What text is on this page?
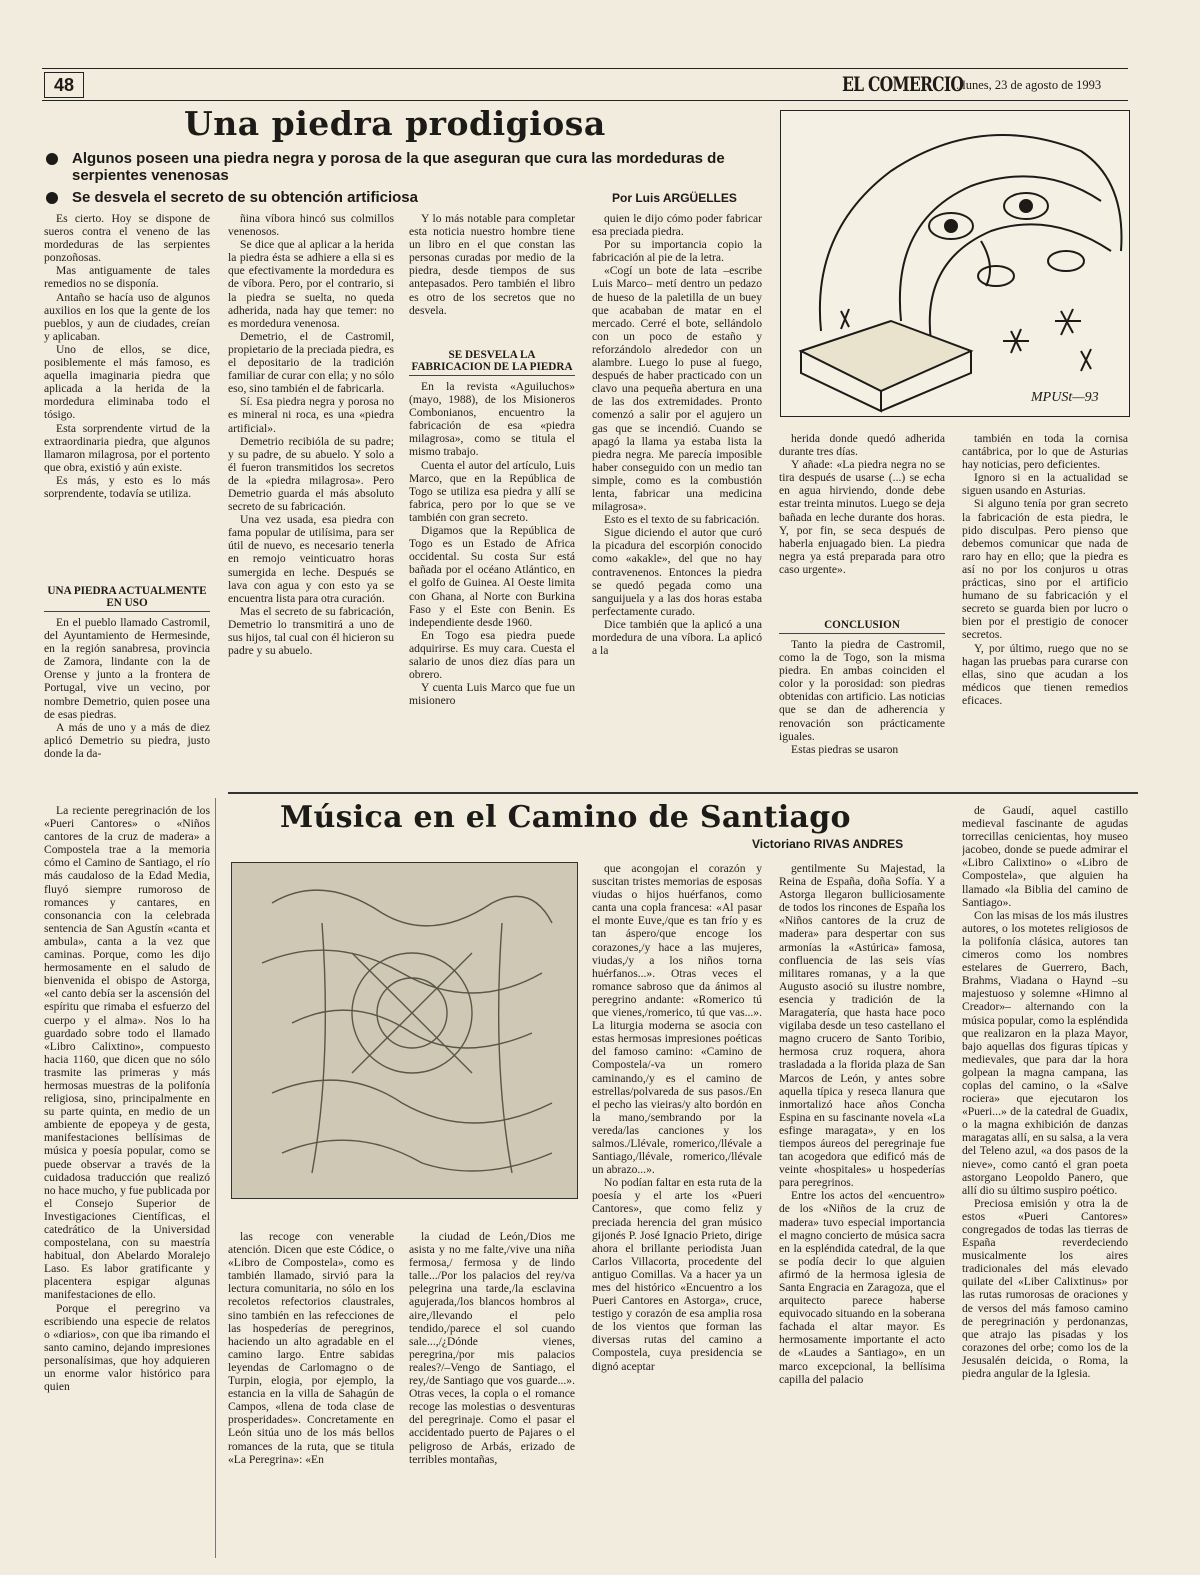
48	EL COMERCIO
. lunes, 23 de agosto de 1993
Una piedra prodigiosa
Algunos poseen una piedra negra y porosa de la que aseguran que cura las mordeduras de serpientes venenosas
Se desvela el secreto de su obtención artificiosa	Por Luis ARGÜELLES
MPUSt—93

Es cierto. Hoy se dispone de sueros contra el veneno de las mordeduras de las serpientes ponzoñosas.

Mas antiguamente de tales remedios no se disponía.

Antaño se hacía uso de algunos auxilios en los que la gente de los pueblos, y aun de ciudades, creían y aplicaban.

Uno de ellos, se dice, posiblemente el más famoso, es aquella imaginaria piedra que aplicada a la herida de la mordedura eliminaba todo el tósigo.

Esta sorprendente virtud de la extraordinaria piedra, que algunos llamaron milagrosa, por el portento que obra, existió y aún existe.

Es más, y esto es lo más sorprendente, todavía se utiliza.

UNA PIEDRA ACTUALMENTE EN USO

En el pueblo llamado Castromil, del Ayuntamiento de Hermesinde, en la región sanabresa, provincia de Zamora, lindante con la de Orense y junto a la frontera de Portugal, vive un vecino, por nombre Demetrio, quien posee una de esas piedras.

A más de uno y a más de diez aplicó Demetrio su piedra, justo donde la da-

ñina víbora hincó sus colmillos venenosos.

Se dice que al aplicar a la herida la piedra ésta se adhiere a ella si es que efectivamente la mordedura es de víbora. Pero, por el contrario, si la piedra se suelta, no queda adherida, nada hay que temer: no es mordedura venenosa.

Demetrio, el de Castromil, propietario de la preciada piedra, es el depositario de la tradición familiar de curar con ella; y no sólo eso, sino también el de fabricarla.

Sí. Esa piedra negra y porosa no es mineral ni roca, es una «piedra artificial».

Demetrio recibióla de su padre; y su padre, de su abuelo. Y solo a él fueron transmitidos los secretos de la «piedra milagrosa». Pero Demetrio guarda el más absoluto secreto de su fabricación.

Una vez usada, esa piedra con fama popular de utilísima, para ser útil de nuevo, es necesario tenerla en remojo veinticuatro horas sumergida en leche. Después se lava con agua y con esto ya se encuentra lista para otra curación.

Mas el secreto de su fabricación, Demetrio lo transmitirá a uno de sus hijos, tal cual con él hicieron su padre y su abuelo.

Y lo más notable para completar esta noticia nuestro hombre tiene un libro en el que constan las personas curadas por medio de la piedra, desde tiempos de sus antepasados. Pero también el libro es otro de los secretos que no desvela.

SE DESVELA LA FABRICACION DE LA PIEDRA

En la revista «Aguiluchos» (mayo, 1988), de los Misioneros Combonianos, encuentro la fabricación de esa «piedra milagrosa», como se titula el mismo trabajo.

Cuenta el autor del artículo, Luis Marco, que en la República de Togo se utiliza esa piedra y allí se fabrica, pero por lo que se ve también con gran secreto.

Digamos que la República de Togo es un Estado de Africa occidental. Su costa Sur está bañada por el océano Atlántico, en el golfo de Guinea. Al Oeste limita con Ghana, al Norte con Burkina Faso y el Este con Benin. Es independiente desde 1960.

En Togo esa piedra puede adquirirse. Es muy cara. Cuesta el salario de unos diez días para un obrero.

Y cuenta Luis Marco que fue un misionero

quien le dijo cómo poder fabricar esa preciada piedra.

Por su importancia copio la fabricación al pie de la letra.

«Cogí un bote de lata –escribe Luis Marco– metí dentro un pedazo de hueso de la paletilla de un buey que acababan de matar en el mercado. Cerré el bote, sellándolo con un poco de estaño y reforzándolo alrededor con un alambre. Luego lo puse al fuego, después de haber practicado con un clavo una pequeña abertura en una de las dos extremidades. Pronto comenzó a salir por el agujero un gas que se incendió. Cuando se apagó la llama ya estaba lista la piedra negra. Me parecía imposible haber conseguido con un medio tan simple, como es la combustión lenta, fabricar una medicina milagrosa».

Esto es el texto de su fabricación.

Sigue diciendo el autor que curó la picadura del escorpión conocido como «akakle», del que no hay contravenenos. Entonces la piedra se quedó pegada como una sanguijuela y a las dos horas estaba perfectamente curado.

Dice también que la aplicó a una mordedura de una víbora. La aplicó a la

herida donde quedó adherida durante tres días.

Y añade: «La piedra negra no se tira después de usarse (...) se echa en agua hirviendo, donde debe estar treinta minutos. Luego se deja bañada en leche durante dos horas. Y, por fin, se seca después de haberla enjuagado bien. La piedra negra ya está preparada para otro caso urgente».

CONCLUSION

Tanto la piedra de Castromil, como la de Togo, son la misma piedra. En ambas coinciden el color y la porosidad: son piedras obtenidas con artificio. Las noticias que se dan de adherencia y renovación son prácticamente iguales.

Estas piedras se usaron

también en toda la cornisa cantábrica, por lo que de Asturias hay noticias, pero deficientes.

Ignoro si en la actualidad se siguen usando en Asturias.

Si alguno tenía por gran secreto la fabricación de esta piedra, le pido disculpas. Pero pienso que debemos comunicar que nada de raro hay en ello; que la piedra es así no por los conjuros u otras prácticas, sino por el artificio humano de su fabricación y el secreto se guarda bien por lucro o bien por el prestigio de conocer secretos.

Y, por último, ruego que no se hagan las pruebas para curarse con ellas, sino que acudan a los médicos que tienen remedios eficaces.

Música en el Camino de Santiago
Victoriano RIVAS ANDRES

La reciente peregrinación de los «Pueri Cantores» o «Niños cantores de la cruz de madera» a Compostela trae a la memoria cómo el Camino de Santiago, el río más caudaloso de la Edad Media, fluyó siempre rumoroso de romances y cantares, en consonancia con la celebrada sentencia de San Agustín «canta et ambula», canta a la vez que caminas. Porque, como les dijo hermosamente en el saludo de bienvenida el obispo de Astorga, «el canto debía ser la ascensión del espíritu que rimaba el esfuerzo del cuerpo y el alma». Nos lo ha guardado sobre todo el llamado «Libro Calixtino», compuesto hacia 1160, que dicen que no sólo trasmite las primeras y más hermosas muestras de la polifonía religiosa, sino, principalmente en su parte quinta, en medio de un ambiente de epopeya y de gesta, manifestaciones bellísimas de música y poesía popular, como se puede observar a través de la cuidadosa traducción que realizó no hace mucho, y fue publicada por el Consejo Superior de Investigaciones Científicas, el catedrático de la Universidad compostelana, con su maestría habitual, don Abelardo Moralejo Laso. Es labor gratificante y placentera espigar algunas manifestaciones de ello.

Porque el peregrino va escribiendo una especie de relatos o «diarios», con que iba rimando el santo camino, dejando impresiones personalísimas, que hoy adquieren un enorme valor histórico para quien

las recoge con venerable atención. Dicen que este Códice, o «Libro de Compostela», como es también llamado, sirvió para la lectura comunitaria, no sólo en los recoletos refectorios claustrales, sino también en las refecciones de las hospederías de peregrinos, haciendo un alto agradable en el camino largo. Entre sabidas leyendas de Carlomagno o de Turpin, elogia, por ejemplo, la estancia en la villa de Sahagún de Campos, «llena de toda clase de prosperidades». Concretamente en León sitúa uno de los más bellos romances de la ruta, que se titula «La Peregrina»: «En

la ciudad de León,/Dios me asista y no me falte,/vive una niña fermosa,/ fermosa y de lindo talle.../Por los palacios del rey/va pelegrina una tarde,/la esclavina agujerada,/los blancos hombros al aire,/llevando el pelo tendido,/parece el sol cuando sale...,/¿Dónde vienes, peregrina,/por mis palacios reales?/–Vengo de Santiago, el rey,/de Santiago que vos guarde...». Otras veces, la copla o el romance recoge las molestias o desventuras del peregrinaje. Como el pasar el accidentado puerto de Pajares o el peligroso de Arbás, erizado de terribles montañas,

que acongojan el corazón y suscitan tristes memorias de esposas viudas o hijos huérfanos, como canta una copla francesa: «Al pasar el monte Euve,/que es tan frío y es tan áspero/que encoge los corazones,/y hace a las mujeres, viudas,/y a los niños torna huérfanos...». Otras veces el romance sabroso que da ánimos al peregrino andante: «Romerico tú que vienes,/romerico, tú que vas...». La liturgia moderna se asocia con estas hermosas impresiones poéticas del famoso camino: «Camino de Compostela/-va un romero caminando,/y es el camino de estrellas/polvareda de sus pasos./En el pecho las vieiras/y alto bordón en la mano,/sembrando por la vereda/las canciones y los salmos./Llévale, romerico,/llévale a Santiago,/llévale, romerico,/llévale un abrazo...».

No podían faltar en esta ruta de la poesía y el arte los «Pueri Cantores», que como feliz y preciada herencia del gran músico gijonés P. José Ignacio Prieto, dirige ahora el brillante periodista Juan Carlos Villacorta, procedente del antiguo Comillas. Va a hacer ya un mes del histórico «Encuentro a los Pueri Cantores en Astorga», cruce, testigo y corazón de esa amplia rosa de los vientos que forman las diversas rutas del camino a Compostela, cuya presidencia se dignó aceptar

gentilmente Su Majestad, la Reina de España, doña Sofía. Y a Astorga llegaron bulliciosamente de todos los rincones de España los «Niños cantores de la cruz de madera» para despertar con sus armonías la «Astúrica» famosa, confluencia de las seis vías militares romanas, y a la que Augusto asoció su ilustre nombre, esencia y tradición de la Maragatería, que hasta hace poco vigilaba desde un teso castellano el magno crucero de Santo Toribio, hermosa cruz roquera, ahora trasladada a la florida plaza de San Marcos de León, y antes sobre aquella típica y reseca llanura que inmortalizó hace años Concha Espina en su fascinante novela «La esfinge maragata», y en los tiempos áureos del peregrinaje fue tan acogedora que edificó más de veinte «hospitales» u hospederías para peregrinos.

Entre los actos del «encuentro» de los «Niños de la cruz de madera» tuvo especial importancia el magno concierto de música sacra en la espléndida catedral, de la que se podía decir lo que alguien afirmó de la hermosa iglesia de Santa Engracia en Zaragoza, que el arquitecto parece haberse equivocado situando en la soberana fachada el altar mayor. Es hermosamente importante el acto de «Laudes a Santiago», en un marco excepcional, la bellísima capilla del palacio

de Gaudí, aquel castillo medieval fascinante de agudas torrecillas cenicientas, hoy museo jacobeo, donde se puede admirar el «Libro Calixtino» o «Libro de Compostela», que alguien ha llamado «la Biblia del camino de Santiago».

Con las misas de los más ilustres autores, o los motetes religiosos de la polifonía clásica, autores tan cimeros como los nombres estelares de Guerrero, Bach, Brahms, Viadana o Haynd –su majestuoso y solemne «Himno al Creador»– alternando con la música popular, como la espléndida que realizaron en la plaza Mayor, bajo aquellas dos figuras típicas y medievales, que para dar la hora golpean la magna campana, las coplas del camino, o la «Salve rociera» que ejecutaron los «Pueri...» de la catedral de Guadix, o la magna exhibición de danzas maragatas allí, en su salsa, a la vera del Teleno azul, «a dos pasos de la nieve», como cantó el gran poeta astorgano Leopoldo Panero, que allí dio su último suspiro poético.

Preciosa emisión y otra la de estos «Pueri Cantores» congregados de todas las tierras de España reverdeciendo musicalmente los aires tradicionales del más elevado quilate del «Liber Calixtinus» por las rutas rumorosas de oraciones y de versos del más famoso camino de peregrinación y perdonanzas, que atrajo las pisadas y los corazones del orbe; como los de la Jesusalén deicida, o Roma, la piedra angular de la Iglesia.
